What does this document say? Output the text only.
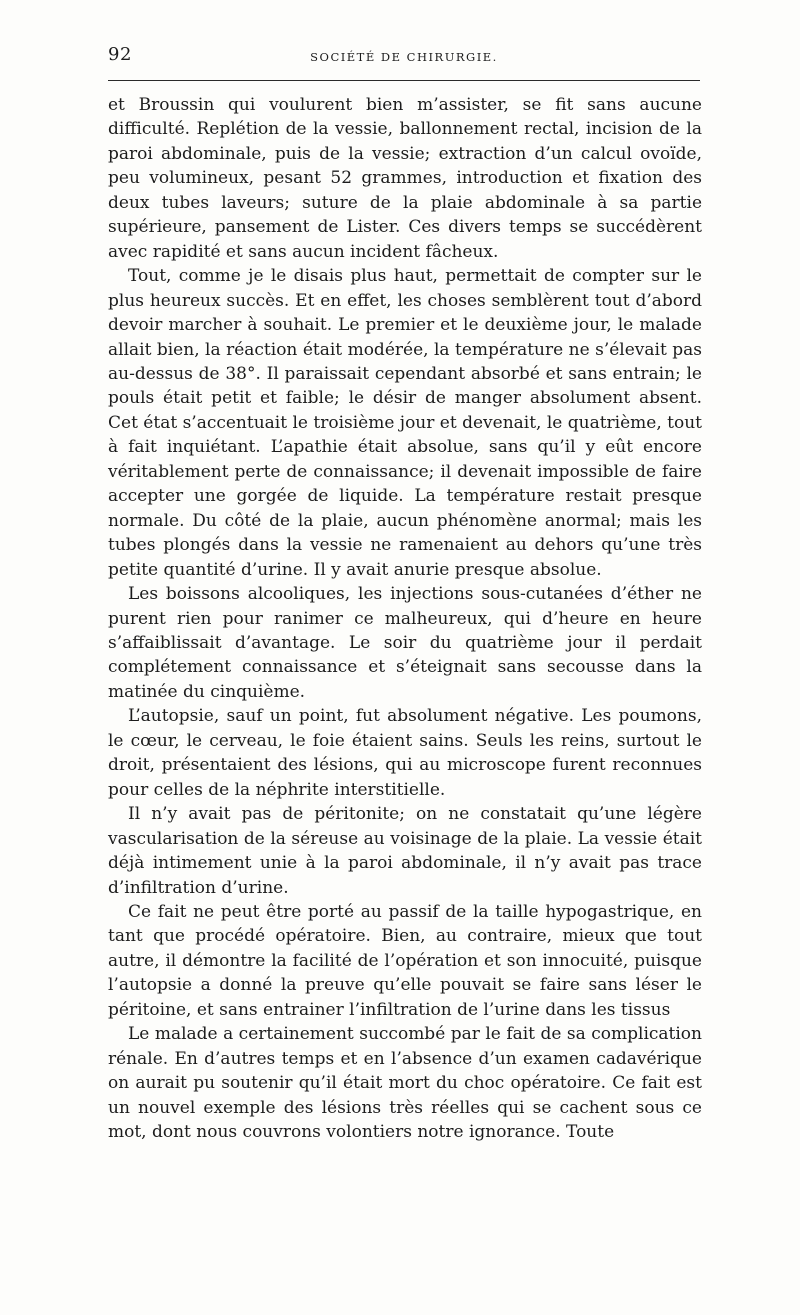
92	SOCIÉTÉ DE CHIRURGIE.

et Broussin qui voulurent bien m’assister, se fit sans aucune difficulté. Replétion de la vessie, ballonnement rectal, incision de la paroi abdominale, puis de la vessie; extraction d’un calcul ovoïde, peu volumineux, pesant 52 grammes, introduction et fixation des deux tubes laveurs; suture de la plaie abdominale à sa partie supérieure, pansement de Lister. Ces divers temps se succédèrent avec rapidité et sans aucun incident fâcheux.

Tout, comme je le disais plus haut, permettait de compter sur le plus heureux succès. Et en effet, les choses semblèrent tout d’abord devoir marcher à souhait. Le premier et le deuxième jour, le malade allait bien, la réaction était modérée, la température ne s’élevait pas au-dessus de 38°. Il paraissait cependant absorbé et sans entrain; le pouls était petit et faible; le désir de manger absolument absent. Cet état s’accentuait le troisième jour et devenait, le quatrième, tout à fait inquiétant. L’apathie était absolue, sans qu’il y eût encore véritablement perte de connaissance; il devenait impossible de faire accepter une gorgée de liquide. La température restait presque normale. Du côté de la plaie, aucun phénomène anormal; mais les tubes plongés dans la vessie ne ramenaient au dehors qu’une très petite quantité d’urine. Il y avait anurie presque absolue.

Les boissons alcooliques, les injections sous-cutanées d’éther ne purent rien pour ranimer ce malheureux, qui d’heure en heure s’affaiblissait d’avantage. Le soir du quatrième jour il perdait complétement connaissance et s’éteignait sans secousse dans la matinée du cinquième.

L’autopsie, sauf un point, fut absolument négative. Les poumons, le cœur, le cerveau, le foie étaient sains. Seuls les reins, surtout le droit, présentaient des lésions, qui au microscope furent reconnues pour celles de la néphrite interstitielle.

Il n’y avait pas de péritonite; on ne constatait qu’une légère vascularisation de la séreuse au voisinage de la plaie. La vessie était déjà intimement unie à la paroi abdominale, il n’y avait pas trace d’infiltration d’urine.

Ce fait ne peut être porté au passif de la taille hypogastrique, en tant que procédé opératoire. Bien, au contraire, mieux que tout autre, il démontre la facilité de l’opération et son innocuité, puisque l’autopsie a donné la preuve qu’elle pouvait se faire sans léser le péritoine, et sans entrainer l’infiltration de l’urine dans les tissus

Le malade a certainement succombé par le fait de sa complication rénale. En d’autres temps et en l’absence d’un examen cadavérique on aurait pu soutenir qu’il était mort du choc opératoire. Ce fait est un nouvel exemple des lésions très réelles qui se cachent sous ce mot, dont nous couvrons volontiers notre ignorance. Toute
